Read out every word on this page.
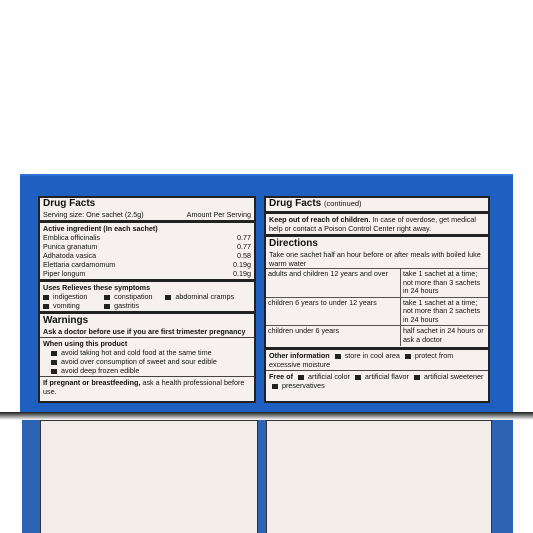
Drug Facts
Serving size: One sachet (2.5g)	Amount Per Serving
Active ingredient (In each sachet)
Emblica officinalis	0.77
Punica granatum	0.77
Adhatoda vasica	0.58
Elettaria cardamomum	0.19g
Piper longum	0.19g
Uses Relieves these symptoms
indigestion	constipation	abdominal cramps
vomiting	gastritis
Warnings
Ask a doctor before use if you are first trimester pregnancy
When using this product
avoid taking hot and cold food at the same time
avoid over consumption of sweet and sour edible
avoid deep frozen edible
If pregnant or breastfeeding, ask a health professional before use.
Drug Facts (continued)
Keep out of reach of children. In case of overdose, get medical help or contact a Poison Control Center right away.
Directions
Take one sachet half an hour before or after meals with boiled luke warm water
adults and children 12 years and over	take 1 sachet at a time; not more than 3 sachets in 24 hours
children 6 years to under 12 years	take 1 sachet at a time; not more than 2 sachets in 24 hours
children under 6 years	half sachet in 24 hours or ask a doctor
Other information store in cool area protect from excessive moisture
Free of artificial color artificial flavor artificial sweetener preservatives
